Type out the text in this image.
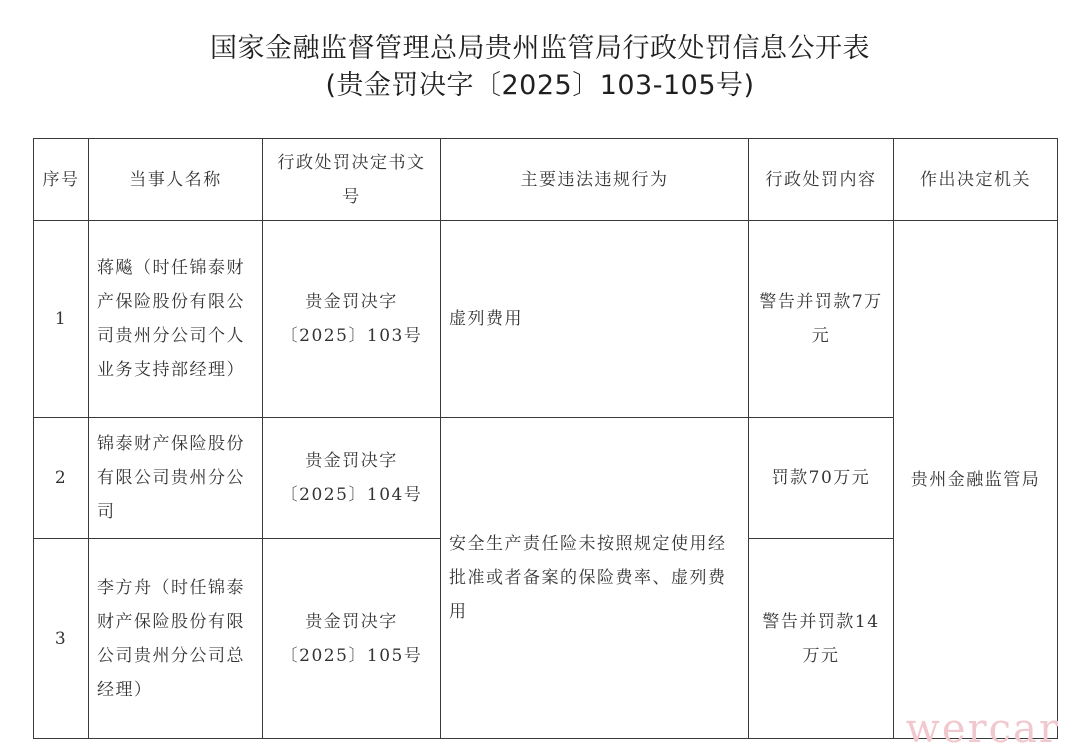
国家金融监督管理总局贵州监管局行政处罚信息公开表
(贵金罚决字〔2025〕103-105号)
序号	当事人名称	行政处罚决定书文号	主要违法违规行为	行政处罚内容	作出决定机关
1	蒋飚（时任锦泰财产保险股份有限公司贵州分公司个人业务支持部经理）	贵金罚决字〔2025〕103号	虚列费用	警告并罚款7万元	贵州金融监管局
2	锦泰财产保险股份有限公司贵州分公司	贵金罚决字〔2025〕104号	安全生产责任险未按照规定使用经批准或者备案的保险费率、虚列费用	罚款70万元	
3	李方舟（时任锦泰财产保险股份有限公司贵州分公司总经理）	贵金罚决字〔2025〕105号		警告并罚款14万元	
wercar
